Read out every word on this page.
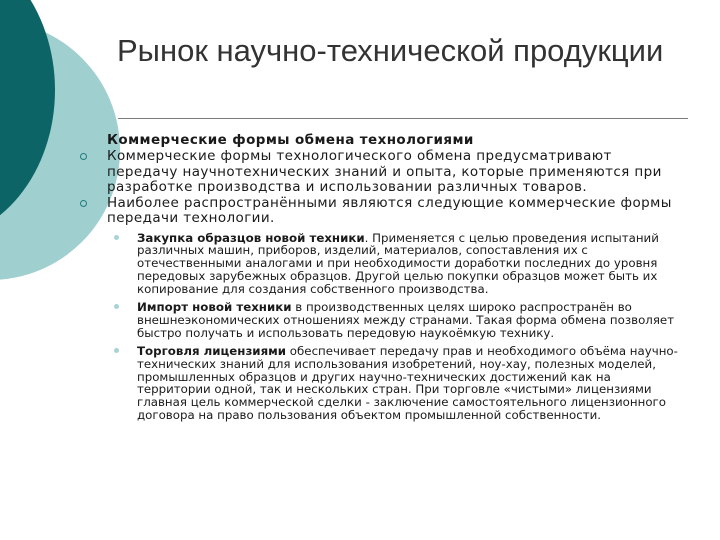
Рынок научно-технической продукции
Коммерческие формы обмена технологиями
Коммерческие формы технологического обмена предусматривают передачу научнотехнических знаний и опыта, которые применяются при разработке производства и использовании различных товаров.
Наиболее распространёнными являются следующие коммерческие формы передачи технологии.
Закупка образцов новой техники. Применяется с целью проведения испытаний различных машин, приборов, изделий, материалов, сопоставления их с отечественными аналогами и при необходимости доработки последних до уровня передовых зарубежных образцов. Другой целью покупки образцов может быть их копирование для создания собственного производства.
Импорт новой техники в производственных целях широко распространён во внешнеэкономических отношениях между странами. Такая форма обмена позволяет быстро получать и использовать передовую наукоёмкую технику.
Торговля лицензиями обеспечивает передачу прав и необходимого объёма научно-технических знаний для использования изобретений, ноу-хау, полезных моделей, промышленных образцов и других научно-технических достижений как на территории одной, так и нескольких стран. При торговле «чистыми» лицензиями главная цель коммерческой сделки - заключение самостоятельного лицензионного договора на право пользования объектом промышленной собственности.
